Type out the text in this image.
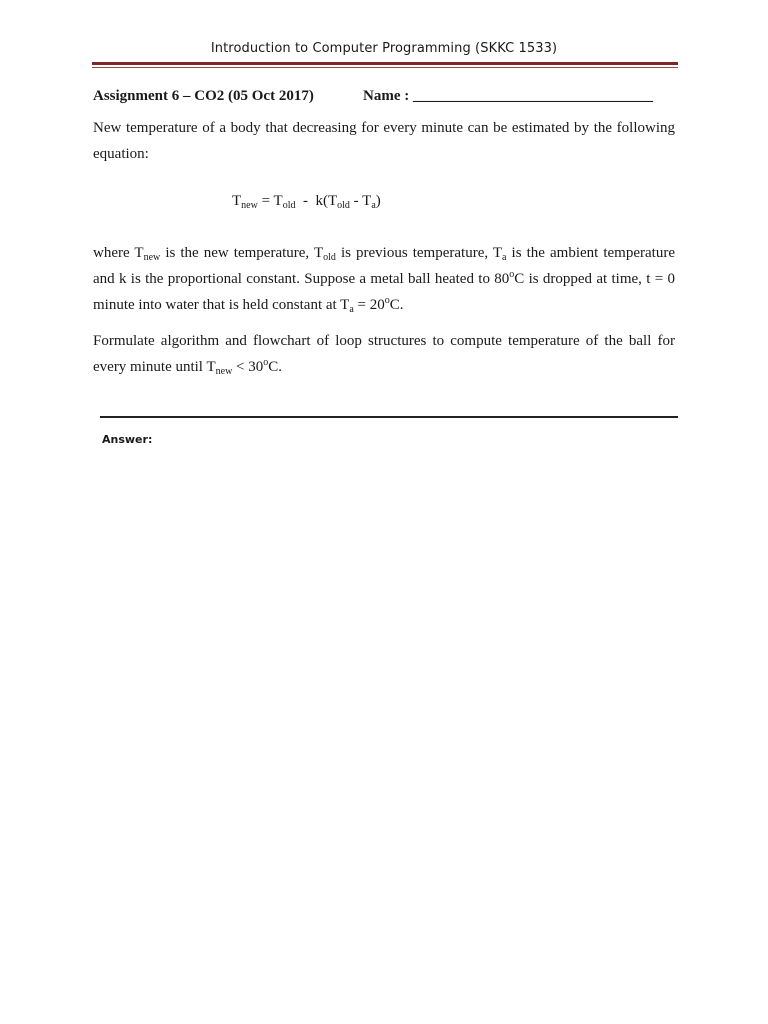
Introduction to Computer Programming (SKKC 1533)
Assignment 6 – CO2 (05 Oct 2017)	Name : ________________________________
New temperature of a body that decreasing for every minute can be estimated by the following equation:
$T_{new} = T_{old} - k(T_{old} - T_a)$
where $T_{new}$ is the new temperature, $T_{old}$ is previous temperature, $T_a$ is the ambient temperature and k is the proportional constant. Suppose a metal ball heated to 80$^o$C is dropped at time, t = 0 minute into water that is held constant at $T_a = 20^oC$.
Formulate algorithm and flowchart of loop structures to compute temperature of the ball for every minute until $T_{new} < 30^oC$.
Answer:
